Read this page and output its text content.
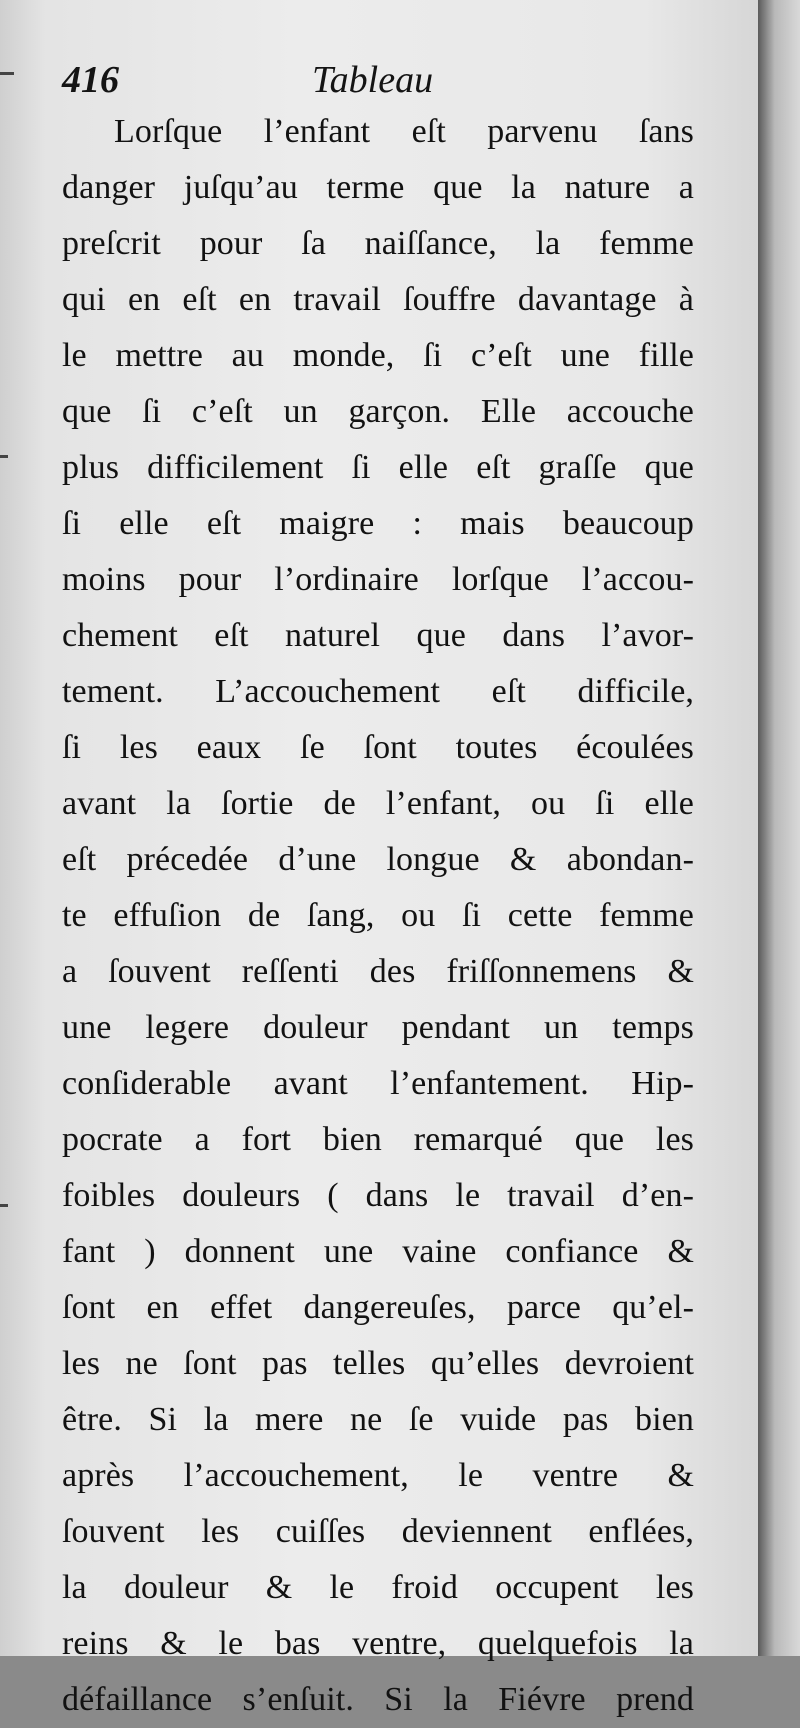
416	Tableau
Lorſque l’enfant eſt parvenu ſans
danger juſqu’au terme que la nature a
preſcrit pour ſa naiſſance, la femme
qui en eſt en travail ſouffre davantage à
le mettre au monde, ſi c’eſt une fille
que ſi c’eſt un garçon. Elle accouche
plus difficilement ſi elle eſt graſſe que
ſi elle eſt maigre : mais beaucoup
moins pour l’ordinaire lorſque l’accou-
chement eſt naturel que dans l’avor-
tement. L’accouchement eſt difficile,
ſi les eaux ſe ſont toutes écoulées
avant la ſortie de l’enfant, ou ſi elle
eſt précedée d’une longue & abondan-
te effuſion de ſang, ou ſi cette femme
a ſouvent reſſenti des friſſonnemens &
une legere douleur pendant un temps
conſiderable avant l’enfantement. Hip-
pocrate a fort bien remarqué que les
foibles douleurs ( dans le travail d’en-
fant ) donnent une vaine confiance &
ſont en effet dangereuſes, parce qu’el-
les ne ſont pas telles qu’elles devroient
être. Si la mere ne ſe vuide pas bien
après l’accouchement, le ventre &
ſouvent les cuiſſes deviennent enflées,
la douleur & le froid occupent les
reins & le bas ventre, quelquefois la
défaillance s’enſuit. Si la Fiévre prend
